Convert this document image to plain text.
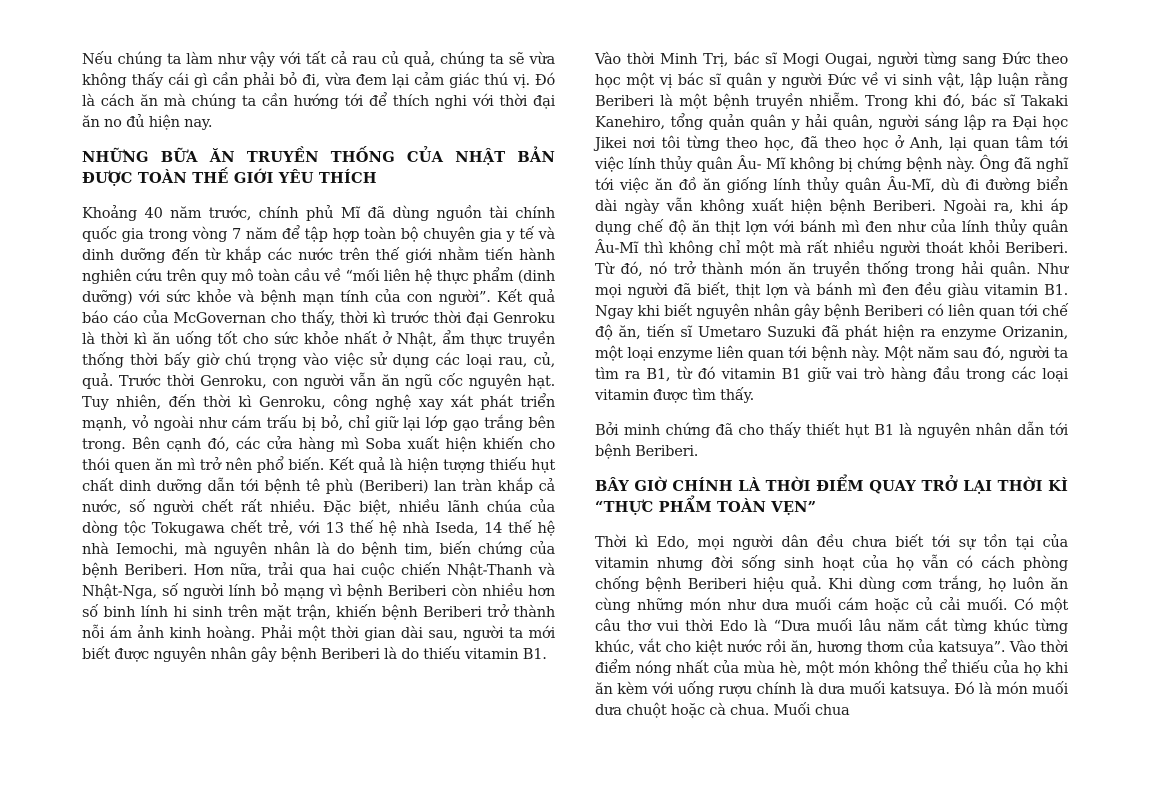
Nếu chúng ta làm như vậy với tất cả rau củ quả, chúng ta sẽ vừa không thấy cái gì cần phải bỏ đi, vừa đem lại cảm giác thú vị. Đó là cách ăn mà chúng ta cần hướng tới để thích nghi với thời đại ăn no đủ hiện nay.

NHỮNG BỮA ĂN TRUYỀN THỐNG CỦA NHẬT BẢN ĐƯỢC TOÀN THẾ GIỚI YÊU THÍCH

Khoảng 40 năm trước, chính phủ Mĩ đã dùng nguồn tài chính quốc gia trong vòng 7 năm để tập hợp toàn bộ chuyên gia y tế và dinh dưỡng đến từ khắp các nước trên thế giới nhằm tiến hành nghiên cứu trên quy mô toàn cầu về “mối liên hệ thực phẩm (dinh dưỡng) với sức khỏe và bệnh mạn tính của con người”. Kết quả báo cáo của McGovernan cho thấy, thời kì trước thời đại Genroku là thời kì ăn uống tốt cho sức khỏe nhất ở Nhật, ẩm thực truyền thống thời bấy giờ chú trọng vào việc sử dụng các loại rau, củ, quả. Trước thời Genroku, con người vẫn ăn ngũ cốc nguyên hạt. Tuy nhiên, đến thời kì Genroku, công nghệ xay xát phát triển mạnh, vỏ ngoài như cám trấu bị bỏ, chỉ giữ lại lớp gạo trắng bên trong. Bên cạnh đó, các cửa hàng mì Soba xuất hiện khiến cho thói quen ăn mì trở nên phổ biến. Kết quả là hiện tượng thiếu hụt chất dinh dưỡng dẫn tới bệnh tê phù (Beriberi) lan tràn khắp cả nước, số người chết rất nhiều. Đặc biệt, nhiều lãnh chúa của dòng tộc Tokugawa chết trẻ, với 13 thế hệ nhà Iseda, 14 thế hệ nhà Iemochi, mà nguyên nhân là do bệnh tim, biến chứng của bệnh Beriberi. Hơn nữa, trải qua hai cuộc chiến Nhật-Thanh và Nhật-Nga, số người lính bỏ mạng vì bệnh Beriberi còn nhiều hơn số binh lính hi sinh trên mặt trận, khiến bệnh Beriberi trở thành nỗi ám ảnh kinh hoàng. Phải một thời gian dài sau, người ta mới biết được nguyên nhân gây bệnh Beriberi là do thiếu vitamin B1.

Vào thời Minh Trị, bác sĩ Mogi Ougai, người từng sang Đức theo học một vị bác sĩ quân y người Đức về vi sinh vật, lập luận rằng Beriberi là một bệnh truyền nhiễm. Trong khi đó, bác sĩ Takaki Kanehiro, tổng quản quân y hải quân, người sáng lập ra Đại học Jikei nơi tôi từng theo học, đã theo học ở Anh, lại quan tâm tới việc lính thủy quân Âu- Mĩ không bị chứng bệnh này. Ông đã nghĩ tới việc ăn đồ ăn giống lính thủy quân Âu-Mĩ, dù đi đường biển dài ngày vẫn không xuất hiện bệnh Beriberi. Ngoài ra, khi áp dụng chế độ ăn thịt lợn với bánh mì đen như của lính thủy quân Âu-Mĩ thì không chỉ một mà rất nhiều người thoát khỏi Beriberi. Từ đó, nó trở thành món ăn truyền thống trong hải quân. Như mọi người đã biết, thịt lợn và bánh mì đen đều giàu vitamin B1. Ngay khi biết nguyên nhân gây bệnh Beriberi có liên quan tới chế độ ăn, tiến sĩ Umetaro Suzuki đã phát hiện ra enzyme Orizanin, một loại enzyme liên quan tới bệnh này. Một năm sau đó, người ta tìm ra B1, từ đó vitamin B1 giữ vai trò hàng đầu trong các loại vitamin được tìm thấy.

Bởi minh chứng đã cho thấy thiết hụt B1 là nguyên nhân dẫn tới bệnh Beriberi.

BÂY GIỜ CHÍNH LÀ THỜI ĐIỂM QUAY TRỞ LẠI THỜI KÌ “THỰC PHẨM TOÀN VẸN”

Thời kì Edo, mọi người dân đều chưa biết tới sự tồn tại của vitamin nhưng đời sống sinh hoạt của họ vẫn có cách phòng chống bệnh Beriberi hiệu quả. Khi dùng cơm trắng, họ luôn ăn cùng những món như dưa muối cám hoặc củ cải muối. Có một câu thơ vui thời Edo là “Dưa muối lâu năm cắt từng khúc từng khúc, vắt cho kiệt nước rồi ăn, hương thơm của katsuya”. Vào thời điểm nóng nhất của mùa hè, một món không thể thiếu của họ khi ăn kèm với uống rượu chính là dưa muối katsuya. Đó là món muối dưa chuột hoặc cà chua. Muối chua
